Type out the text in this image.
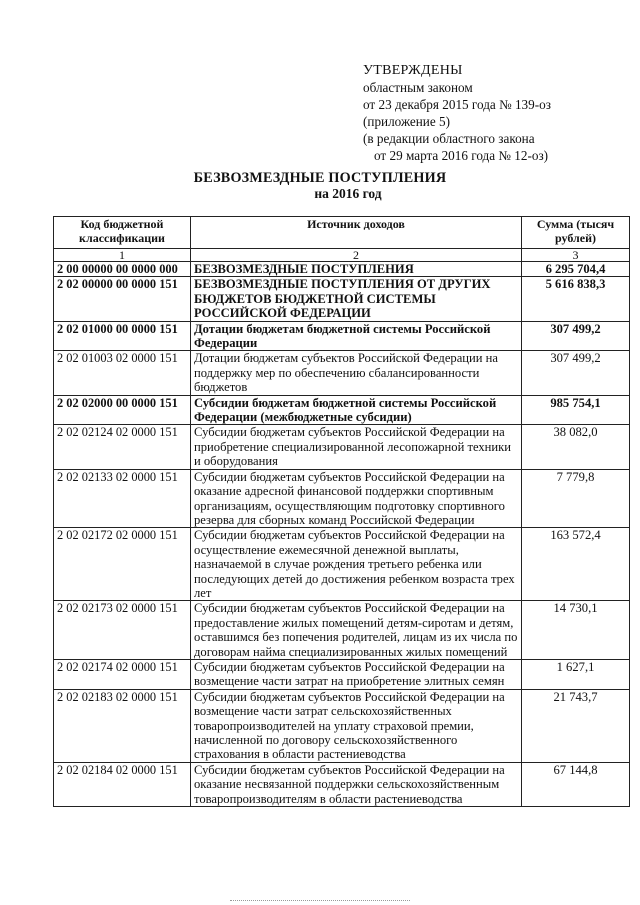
УТВЕРЖДЕНЫ
областным законом
от 23 декабря 2015 года № 139-оз
(приложение 5)
(в редакции областного закона
от 29 марта 2016 года № 12-оз)
БЕЗВОЗМЕЗДНЫЕ ПОСТУПЛЕНИЯ
на 2016 год
Код бюджетной классификации	Источник доходов	Сумма (тысяч рублей)
1	2	3
2 00 00000 00 0000 000	БЕЗВОЗМЕЗДНЫЕ ПОСТУПЛЕНИЯ	6 295 704,4
2 02 00000 00 0000 151	БЕЗВОЗМЕЗДНЫЕ ПОСТУПЛЕНИЯ ОТ ДРУГИХ БЮДЖЕТОВ БЮДЖЕТНОЙ СИСТЕМЫ РОССИЙСКОЙ ФЕДЕРАЦИИ	5 616 838,3
2 02 01000 00 0000 151	Дотации бюджетам бюджетной системы Российской Федерации	307 499,2
2 02 01003 02 0000 151	Дотации бюджетам субъектов Российской Федерации на поддержку мер по обеспечению сбалансированности бюджетов	307 499,2
2 02 02000 00 0000 151	Субсидии бюджетам бюджетной системы Российской Федерации (межбюджетные субсидии)	985 754,1
2 02 02124 02 0000 151	Субсидии бюджетам субъектов Российской Федерации на приобретение специализированной лесопожарной техники и оборудования	38 082,0
2 02 02133 02 0000 151	Субсидии бюджетам субъектов Российской Федерации на оказание адресной финансовой поддержки спортивным организациям, осуществляющим подготовку спортивного резерва для сборных команд Российской Федерации	7 779,8
2 02 02172 02 0000 151	Субсидии бюджетам субъектов Российской Федерации на осуществление ежемесячной денежной выплаты, назначаемой в случае рождения третьего ребенка или последующих детей до достижения ребенком возраста трех лет	163 572,4
2 02 02173 02 0000 151	Субсидии бюджетам субъектов Российской Федерации на предоставление жилых помещений детям-сиротам и детям, оставшимся без попечения родителей, лицам из их числа по договорам найма специализированных жилых помещений	14 730,1
2 02 02174 02 0000 151	Субсидии бюджетам субъектов Российской Федерации на возмещение части затрат на приобретение элитных семян	1 627,1
2 02 02183 02 0000 151	Субсидии бюджетам субъектов Российской Федерации на возмещение части затрат сельскохозяйственных товаропроизводителей на уплату страховой премии, начисленной по договору сельскохозяйственного страхования в области растениеводства	21 743,7
2 02 02184 02 0000 151	Субсидии бюджетам субъектов Российской Федерации на оказание несвязанной поддержки сельскохозяйственным товаропроизводителям в области растениеводства	67 144,8
